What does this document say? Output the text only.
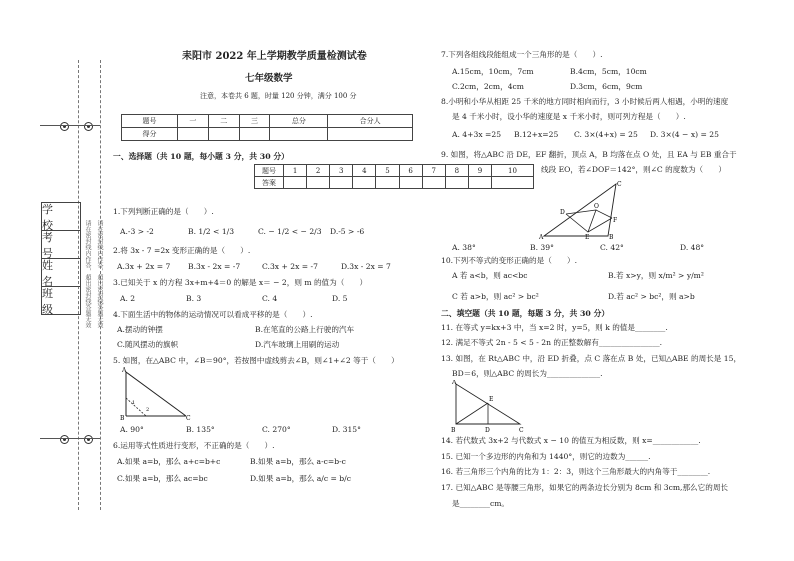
请在密封线内作答，超出密封线答题无效
请在密封线内作答，超出密封线答题无效
学 校
考 号
姓 名
班 级
耒阳市 2022 年上学期教学质量检测试卷
七年级数学
注意，本卷共 6 题，时量 120 分钟，满分 100 分
题号	一	二	三	总分	合分人
得分					
一、选择题（共 10 题，每小题 3 分，共 30 分）
题号	1	2	3	4	5	6	7	8	9	10
答案										
1.下列判断正确的是（　　）.
A.-3 > -2	B. 1/2 < 1/3	C. − 1/2 < − 2/3 D.-5 > -6
2.将 3x - 7 =2x 变形正确的是（　　）.
A.3x + 2x = 7 B.3x - 2x = -7	C.3x + 2x = -7	D.3x - 2x = 7
3.已知关于 x 的方程 3x+m+4＝0 的解是 x＝ − 2，则 m 的值为（　　）
A. 2	B. 3	C. 4	D. 5
4.下面生活中的物体的运动情况可以看成平移的是（　　）.
A.摆动的钟摆	B.在笔直的公路上行驶的汽车
C.随风摆动的旗帜	D.汽车玻璃上用刷的运动
5. 如图，在△ABC 中，∠B＝90°，若按图中虚线剪去∠B，则∠1+∠2 等于（　　）
A
B	C
1
2
A. 90°	B. 135°	C. 270°	D. 315°
6.运用等式性质进行变形，不正确的是（　　）.
A.如果 a=b，那么 a+c=b+c	B.如果 a=b，那么 a-c=b-c
C.如果 a=b，那么 ac=bc	D.如果 a=b，那么 a/c = b/c
7.下列各组线段能组成一个三角形的是（　　）.
A.15cm，10cm，7cm	B.4cm，5cm，10cm
C.2cm，2cm，4cm	D.3cm，6cm，9cm
8.小明和小华从相距 25 千米的地方同时相向而行，3 小时候后两人相遇，小明的速度
是 4 千米小时，设小华的速度是 x 千米小时，则可列方程是（　　）.
A. 4+3x =25 B.12+x=25 C. 3×(4+x) = 25 D. 3×(4 − x) = 25
9. 如图，将△ABC 沿 DE，EF 翻折，顶点 A，B 均落在点 O 处，且 EA 与 EB 重合于
线段 EO，若∠DOF＝142°，则∠C 的度数为（　　）
C
D
O
F
E
A	B
A. 38°	B. 39°	C. 42°	D. 48°
10.下列不等式的变形正确的是（　　）.
A 若 a<b，则 ac<bc	B.若 x>y，则 x/m² > y/m²
C 若 a>b，则 ac² > bc²	D.若 ac² > bc²，则 a>b
二、填空题（共 10 题，每题 3 分，共 30 分）
11. 在等式 y=kx+3 中，当 x=2 时，y=5，则 k 的值是________.
12. 满足不等式 2n - 5 < 5 - 2n 的正整数解有________________.
13. 如图，在 Rt△ABC 中，沿 ED 折叠，点 C 落在点 B 处，已知△ABE 的周长是 15，
BD＝6，则△ABC 的周长为______________.
A
E
B	D	C
14. 若代数式 3x+2 与代数式 x − 10 的值互为相反数，则 x=____________.
15. 已知一个多边形的内角和为 1440°，则它的边数为______.
16. 若三角形三个内角的比为 1：2：3，则这个三角形最大的内角等于________.
17. 已知△ABC 是等腰三角形，如果它的两条边长分别为 8cm 和 3cm,那么它的周长
是________cm。
